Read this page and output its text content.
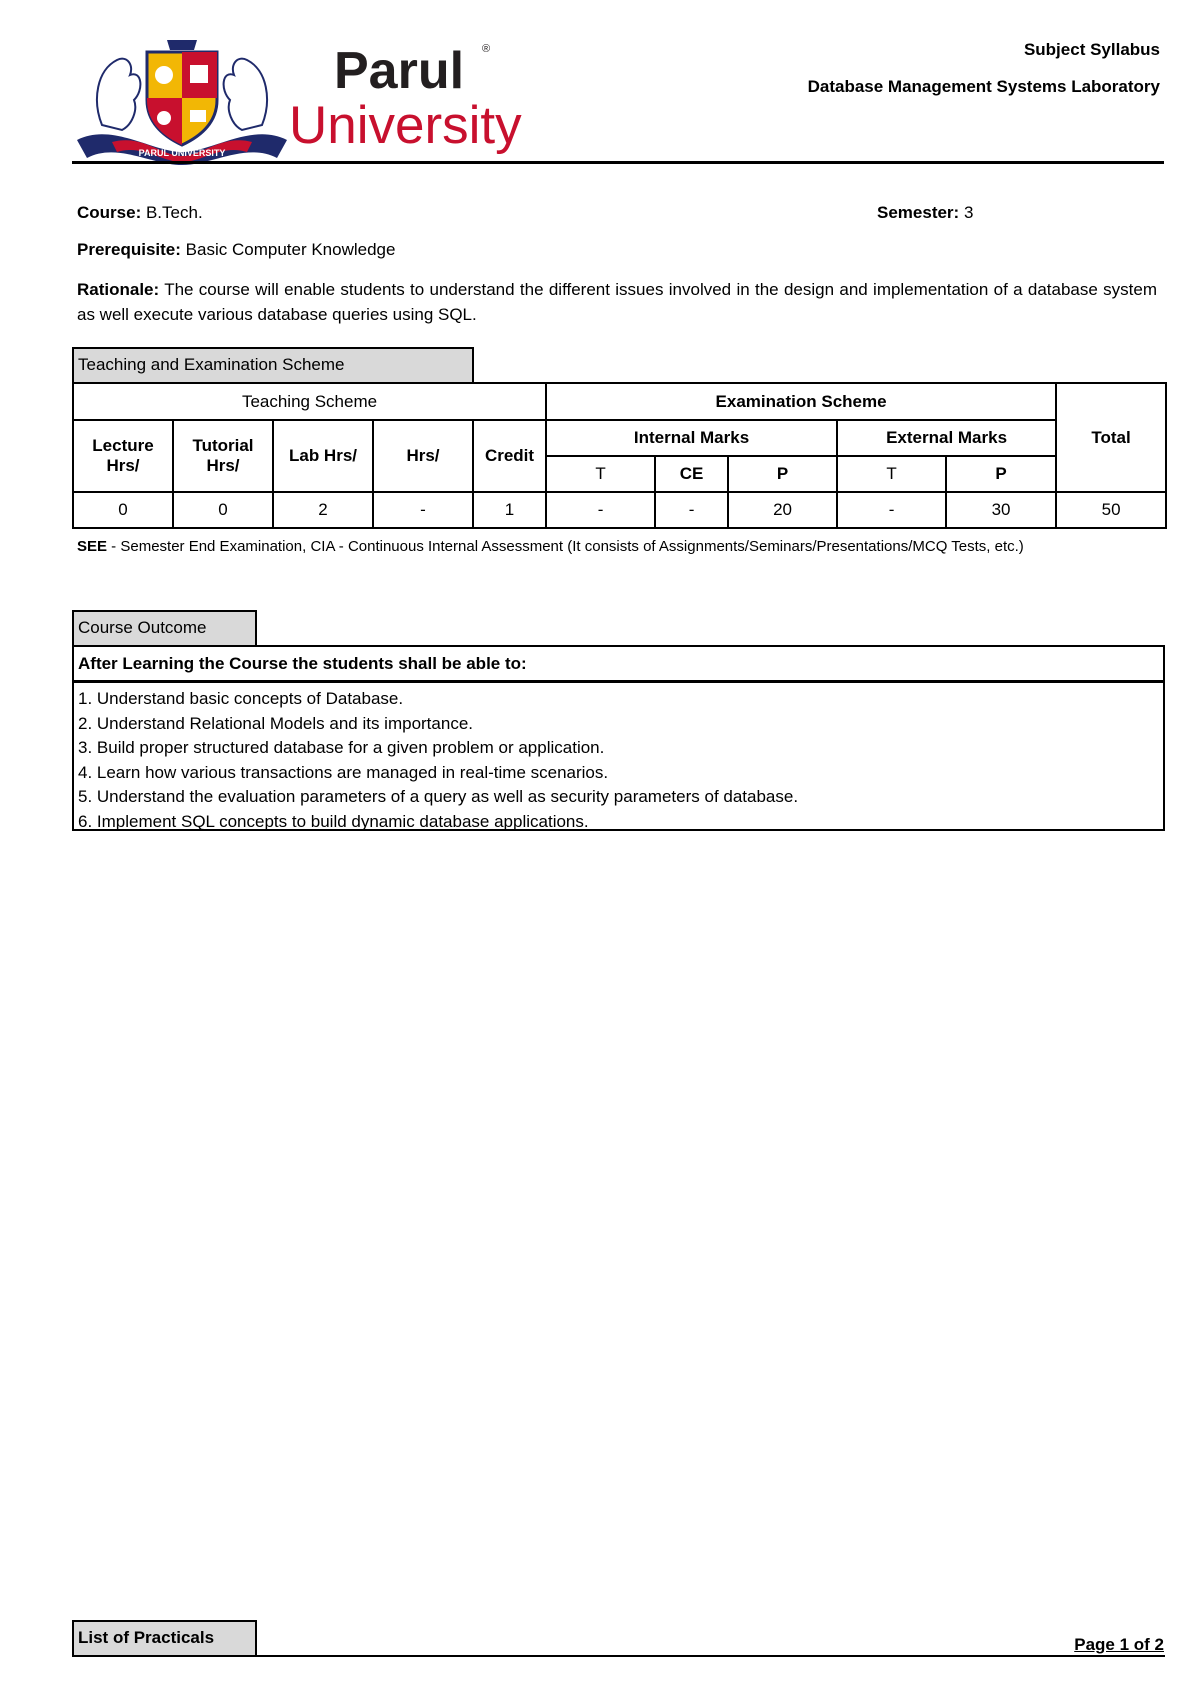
PARUL UNIVERSITY
Parul ®
University
Subject Syllabus
Database Management Systems Laboratory
Course: B.Tech.	Semester: 3
Prerequisite: Basic Computer Knowledge
Rationale: The course will enable students to understand the different issues involved in the design and implementation of a database system as well execute various database queries using SQL.
Teaching and Examination Scheme
Teaching Scheme					Examination Scheme					Total
Lecture Hrs/	Tutorial Hrs/	Lab Hrs/	Hrs/	Credit	Internal Marks			External Marks		
					T	CE	P	T	P	
0	0	2	-	1	-	-	20	-	30	50
SEE - Semester End Examination, CIA - Continuous Internal Assessment (It consists of Assignments/Seminars/Presentations/MCQ Tests, etc.)
Course Outcome
After Learning the Course the students shall be able to:
1. Understand basic concepts of Database.
2. Understand Relational Models and its importance.
3. Build proper structured database for a given problem or application.
4. Learn how various transactions are managed in real-time scenarios.
5. Understand the evaluation parameters of a query as well as security parameters of database.
6. Implement SQL concepts to build dynamic database applications.
List of Practicals	Page 1 of 2
